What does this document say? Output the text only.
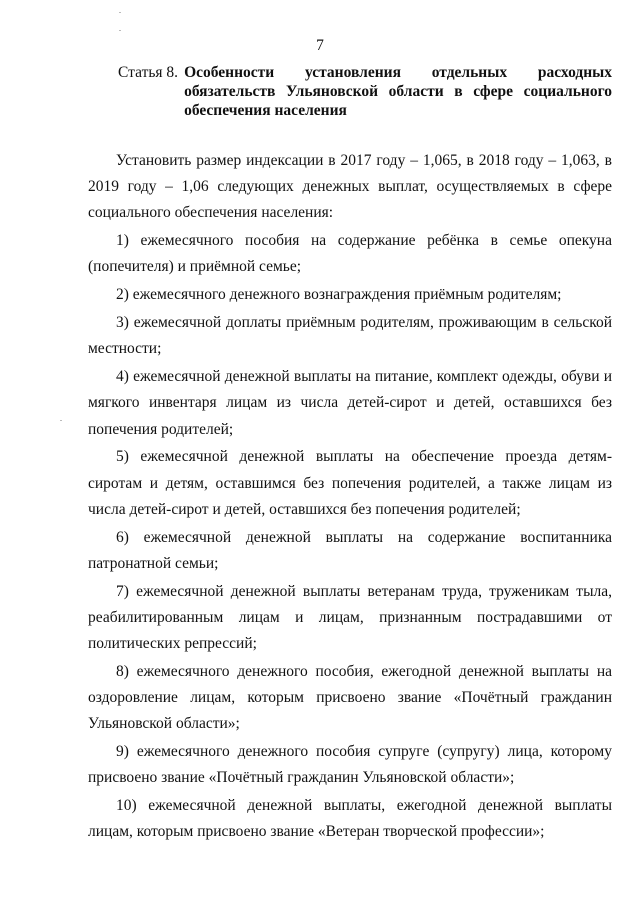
7
Статья 8. Особенности установления отдельных расходных обязательств Ульяновской области в сфере социального обеспечения населения

Установить размер индексации в 2017 году – 1,065, в 2018 году – 1,063, в 2019 году – 1,06 следующих денежных выплат, осуществляемых в сфере социального обеспечения населения:

1) ежемесячного пособия на содержание ребёнка в семье опекуна (попечителя) и приёмной семье;

2) ежемесячного денежного вознаграждения приёмным родителям;

3) ежемесячной доплаты приёмным родителям, проживающим в сельской местности;

4) ежемесячной денежной выплаты на питание, комплект одежды, обуви и мягкого инвентаря лицам из числа детей-сирот и детей, оставшихся без попечения родителей;

5) ежемесячной денежной выплаты на обеспечение проезда детям-сиротам и детям, оставшимся без попечения родителей, а также лицам из числа детей-сирот и детей, оставшихся без попечения родителей;

6) ежемесячной денежной выплаты на содержание воспитанника патронатной семьи;

7) ежемесячной денежной выплаты ветеранам труда, труженикам тыла, реабилитированным лицам и лицам, признанным пострадавшими от политических репрессий;

8) ежемесячного денежного пособия, ежегодной денежной выплаты на оздоровление лицам, которым присвоено звание «Почётный гражданин Ульяновской области»;

9) ежемесячного денежного пособия супруге (супругу) лица, которому присвоено звание «Почётный гражданин Ульяновской области»;

10) ежемесячной денежной выплаты, ежегодной денежной выплаты лицам, которым присвоено звание «Ветеран творческой профессии»;
